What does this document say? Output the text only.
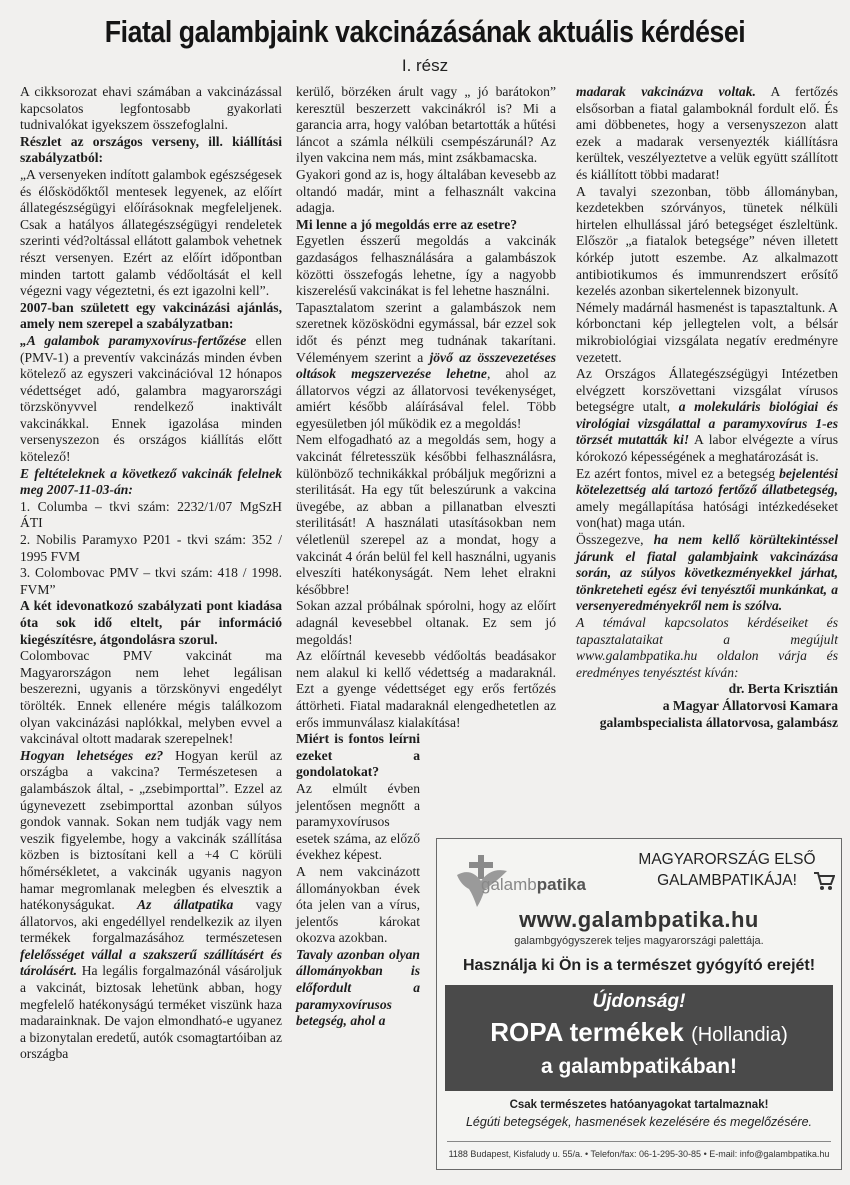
Fiatal galambjaink vakcinázásának aktuális kérdései
I. rész

A cikksorozat ehavi számában a vakcinázással kapcsolatos legfontosabb gyakorlati tudnivalókat igyekszem összefoglalni.

Részlet az országos verseny, ill. kiállítási szabályzatból:

„A versenyeken indított galambok egészségesek és élősködőktől mentesek legyenek, az előírt állategészségügyi előírásoknak megfeleljenek. Csak a hatályos állategészségügyi rendeletek szerinti véd?oltással ellátott galambok vehetnek részt versenyen. Ezért az előírt időpontban minden tartott galamb védőoltását el kell végezni vagy végeztetni, és ezt igazolni kell”.

2007-ban született egy vakcinázási ajánlás, amely nem szerepel a szabályzatban:

„A galambok paramyxovírus-fertőzése ellen (PMV-1) a preventív vakcinázás minden évben kötelező az egyszeri vakcinációval 12 hónapos védettséget adó, galambra magyarországi törzskönyvvel rendelkező inaktivált vakcinákkal. Ennek igazolása minden versenyszezon és országos kiállítás előtt kötelező!

E feltételeknek a következő vakcinák felelnek meg 2007-11-03-án:

1. Columba – tkvi szám: 2232/1/07 MgSzH ÁTI

2. Nobilis Paramyxo P201 - tkvi szám: 352 / 1995 FVM

3. Colombovac PMV – tkvi szám: 418 / 1998. FVM”

A két idevonatkozó szabályzati pont kiadása óta sok idő eltelt, pár információ kiegészítésre, átgondolásra szorul.

Colombovac PMV vakcinát ma Magyarországon nem lehet legálisan beszerezni, ugyanis a törzskönyvi engedélyt törölték. Ennek ellenére mégis találkozom olyan vakcinázási naplókkal, melyben evvel a vakcinával oltott madarak szerepelnek!

Hogyan lehetséges ez? Hogyan kerül az országba a vakcina? Természetesen a galambászok által, - „zsebimporttal”. Ezzel az úgynevezett zsebimporttal azonban súlyos gondok vannak. Sokan nem tudják vagy nem veszik figyelembe, hogy a vakcinák szállítása közben is biztosítani kell a +4 C körüli hőmérsékletet, a vakcinák ugyanis nagyon hamar megromlanak melegben és elvesztik a hatékonyságukat. Az állatpatika vagy állatorvos, aki engedéllyel rendelkezik az ilyen termékek forgalmazásához természetesen felelősséget vállal a szakszerű szállításért és tárolásért. Ha legális forgalmazónál vásároljuk a vakcinát, biztosak lehetünk abban, hogy megfelelő hatékonyságú terméket viszünk haza madarainknak. De vajon elmondható-e ugyanez a bizonytalan eredetű, autók csomagtartóiban az országba

kerülő, börzéken árult vagy „ jó barátokon” keresztül beszerzett vakcinákról is? Mi a garancia arra, hogy valóban betartották a hűtési láncot a számla nélküli csempészárunál? Az ilyen vakcina nem más, mint zsákbamacska.

Gyakori gond az is, hogy általában kevesebb az oltandó madár, mint a felhasznált vakcina adagja.

Mi lenne a jó megoldás erre az esetre?

Egyetlen ésszerű megoldás a vakcinák gazdaságos felhasználására a galambászok közötti összefogás lehetne, így a nagyobb kiszerelésű vakcinákat is fel lehetne használni.

Tapasztalatom szerint a galambászok nem szeretnek közösködni egymással, bár ezzel sok időt és pénzt meg tudnának takarítani. Véleményem szerint a jövő az összevezetéses oltások megszervezése lehetne, ahol az állatorvos végzi az állatorvosi tevékenységet, amiért később aláírásával felel. Több egyesületben jól működik ez a megoldás!

Nem elfogadható az a megoldás sem, hogy a vakcinát félretesszük későbbi felhasználásra, különböző technikákkal próbáljuk megőrizni a sterilitását. Ha egy tűt beleszúrunk a vakcina üvegébe, az abban a pillanatban elveszti sterilitását! A használati utasításokban nem véletlenül szerepel az a mondat, hogy a vakcinát 4 órán belül fel kell használni, ugyanis elveszíti hatékonyságát. Nem lehet elrakni későbbre!

Sokan azzal próbálnak spórolni, hogy az előírt adagnál kevesebbel oltanak. Ez sem jó megoldás!

Az előírtnál kevesebb védőoltás beadásakor nem alakul ki kellő védettség a madaraknál. Ezt a gyenge védettséget egy erős fertőzés áttörheti. Fiatal madaraknál elengedhetetlen az erős immunválasz kialakítása!

Miért is fontos leírni ezeket a gondolatokat?

Az elmúlt évben jelentősen megnőtt a paramyxovírusos esetek száma, az előző évekhez képest.

A nem vakcinázott állományokban évek óta jelen van a vírus, jelentős károkat okozva azokban.

Tavaly azonban olyan állományokban is előfordult a paramyxovírusos betegség, ahol a

madarak vakcinázva voltak. A fertőzés elsősorban a fiatal galamboknál fordult elő. És ami döbbenetes, hogy a versenyszezon alatt ezek a madarak versenyezték kiállításra kerültek, veszélyeztetve a velük együtt szállított és kiállított többi madarat!

A tavalyi szezonban, több állományban, kezdetekben szórványos, tünetek nélküli hirtelen elhullással járó betegséget észleltünk. Először „a fiatalok betegsége” néven illetett kórkép jutott eszembe. Az alkalmazott antibiotikumos és immunrendszert erősítő kezelés azonban sikertelennek bizonyult.

Némely madárnál hasmenést is tapasztaltunk. A kórbonctani kép jellegtelen volt, a bélsár mikrobiológiai vizsgálata negatív eredményre vezetett.

Az Országos Állategészségügyi Intézetben elvégzett korszövettani vizsgálat vírusos betegségre utalt, a molekuláris biológiai és virológiai vizsgálattal a paramyxovírus 1-es törzsét mutatták ki! A labor elvégezte a vírus kórokozó képességének a meghatározását is.

Ez azért fontos, mivel ez a betegség bejelentési kötelezettség alá tartozó fertőző állatbetegség, amely megállapítása hatósági intézkedéseket von(hat) maga után.

Összegezve, ha nem kellő körültekintéssel járunk el fiatal galambjaink vakcinázása során, az súlyos következményekkel járhat, tönkreteheti egész évi tenyésztői munkánkat, a versenyeredményekről nem is szólva.

A témával kapcsolatos kérdéseiket és tapasztalataikat a megújult www.galambpatika.hu oldalon várja és eredményes tenyésztést kíván:

dr. Berta Krisztián

a Magyar Állatorvosi Kamara

galambspecialista állatorvosa, galambász

galambpatika
MAGYARORSZÁG ELSŐ
GALAMBPATIKÁJA!
www.galambpatika.hu
galambgyógyszerek teljes magyarországi palettája.
Használja ki Ön is a természet gyógyító erejét!
Újdonság!
ROPA termékek (Hollandia)
a galambpatikában!
Csak természetes hatóanyagokat tartalmaznak!
Légúti betegségek, hasmenések kezelésére és megelőzésére.
1188 Budapest, Kisfaludy u. 55/a. • Telefon/fax: 06-1-295-30-85 • E-mail: info@galambpatika.hu
